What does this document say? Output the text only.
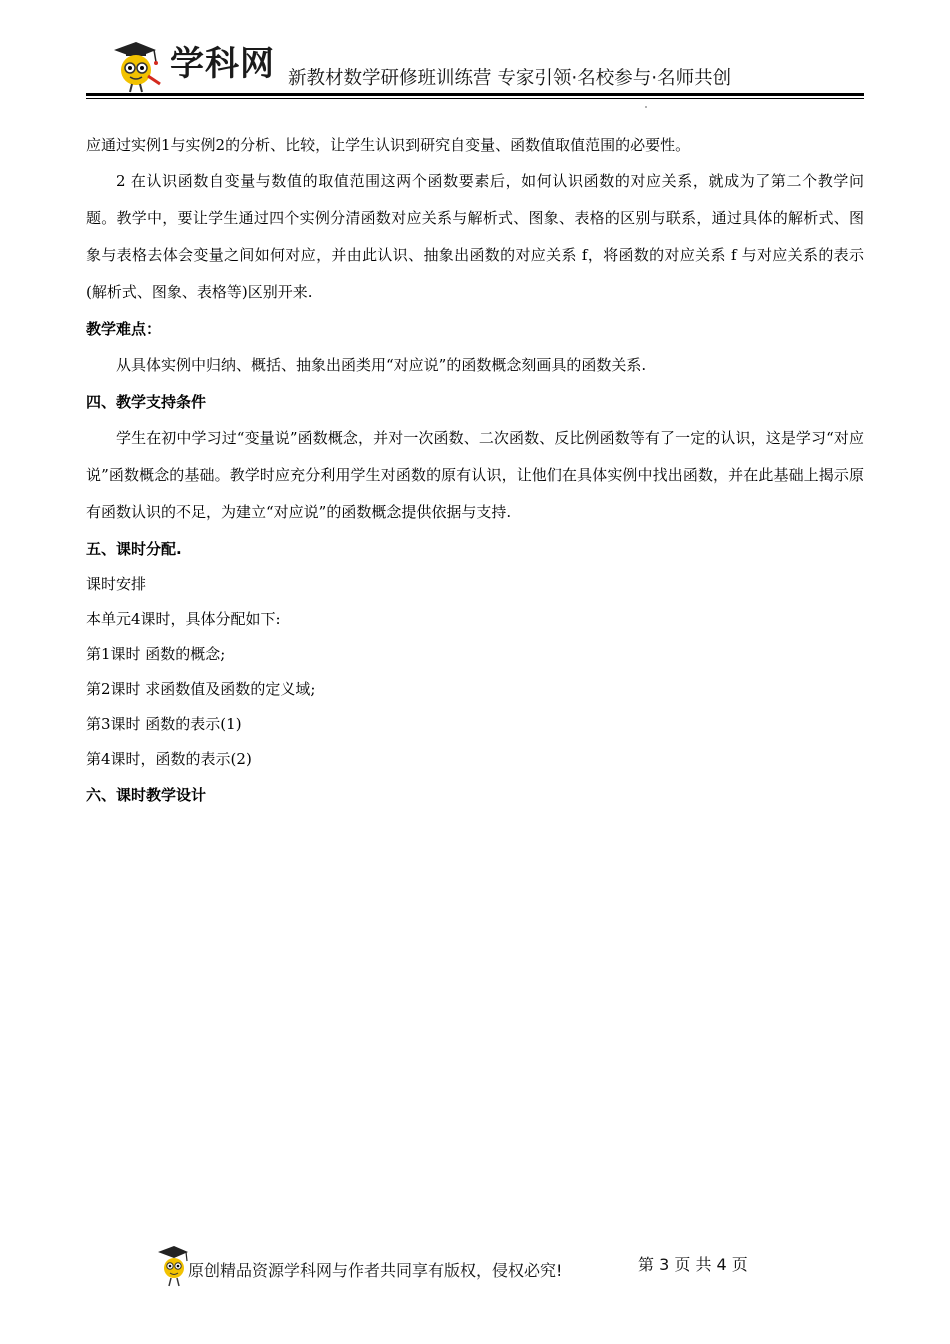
学科网 新教材数学研修班训练营 专家引领·名校参与·名师共创

应通过实例1与实例2的分析、比较，让学生认识到研究自变量、函数值取值范围的必要性。

2 在认识函数自变量与数值的取值范围这两个函数要素后，如何认识函数的对应关系，就成为了第二个教学问题。教学中，要让学生通过四个实例分清函数对应关系与解析式、图象、表格的区别与联系，通过具体的解析式、图象与表格去体会变量之间如何对应，并由此认识、抽象出函数的对应关系 f，将函数的对应关系 f 与对应关系的表示(解析式、图象、表格等)区别开来.

教学难点：

从具体实例中归纳、概括、抽象出函类用“对应说”的函数概念刻画具的函数关系.

四、教学支持条件

学生在初中学习过“变量说”函数概念，并对一次函数、二次函数、反比例函数等有了一定的认识，这是学习“对应说”函数概念的基础。教学时应充分利用学生对函数的原有认识，让他们在具体实例中找出函数，并在此基础上揭示原有函数认识的不足，为建立“对应说”的函数概念提供依据与支持.

五、课时分配.

课时安排

本单元4课时，具体分配如下:

第1课时 函数的概念;

第2课时 求函数值及函数的定义域;

第3课时 函数的表示(1)

第4课时，函数的表示(2)

六、课时教学设计

原创精品资源学科网与作者共同享有版权，侵权必究!	第 3 页 共 4 页
